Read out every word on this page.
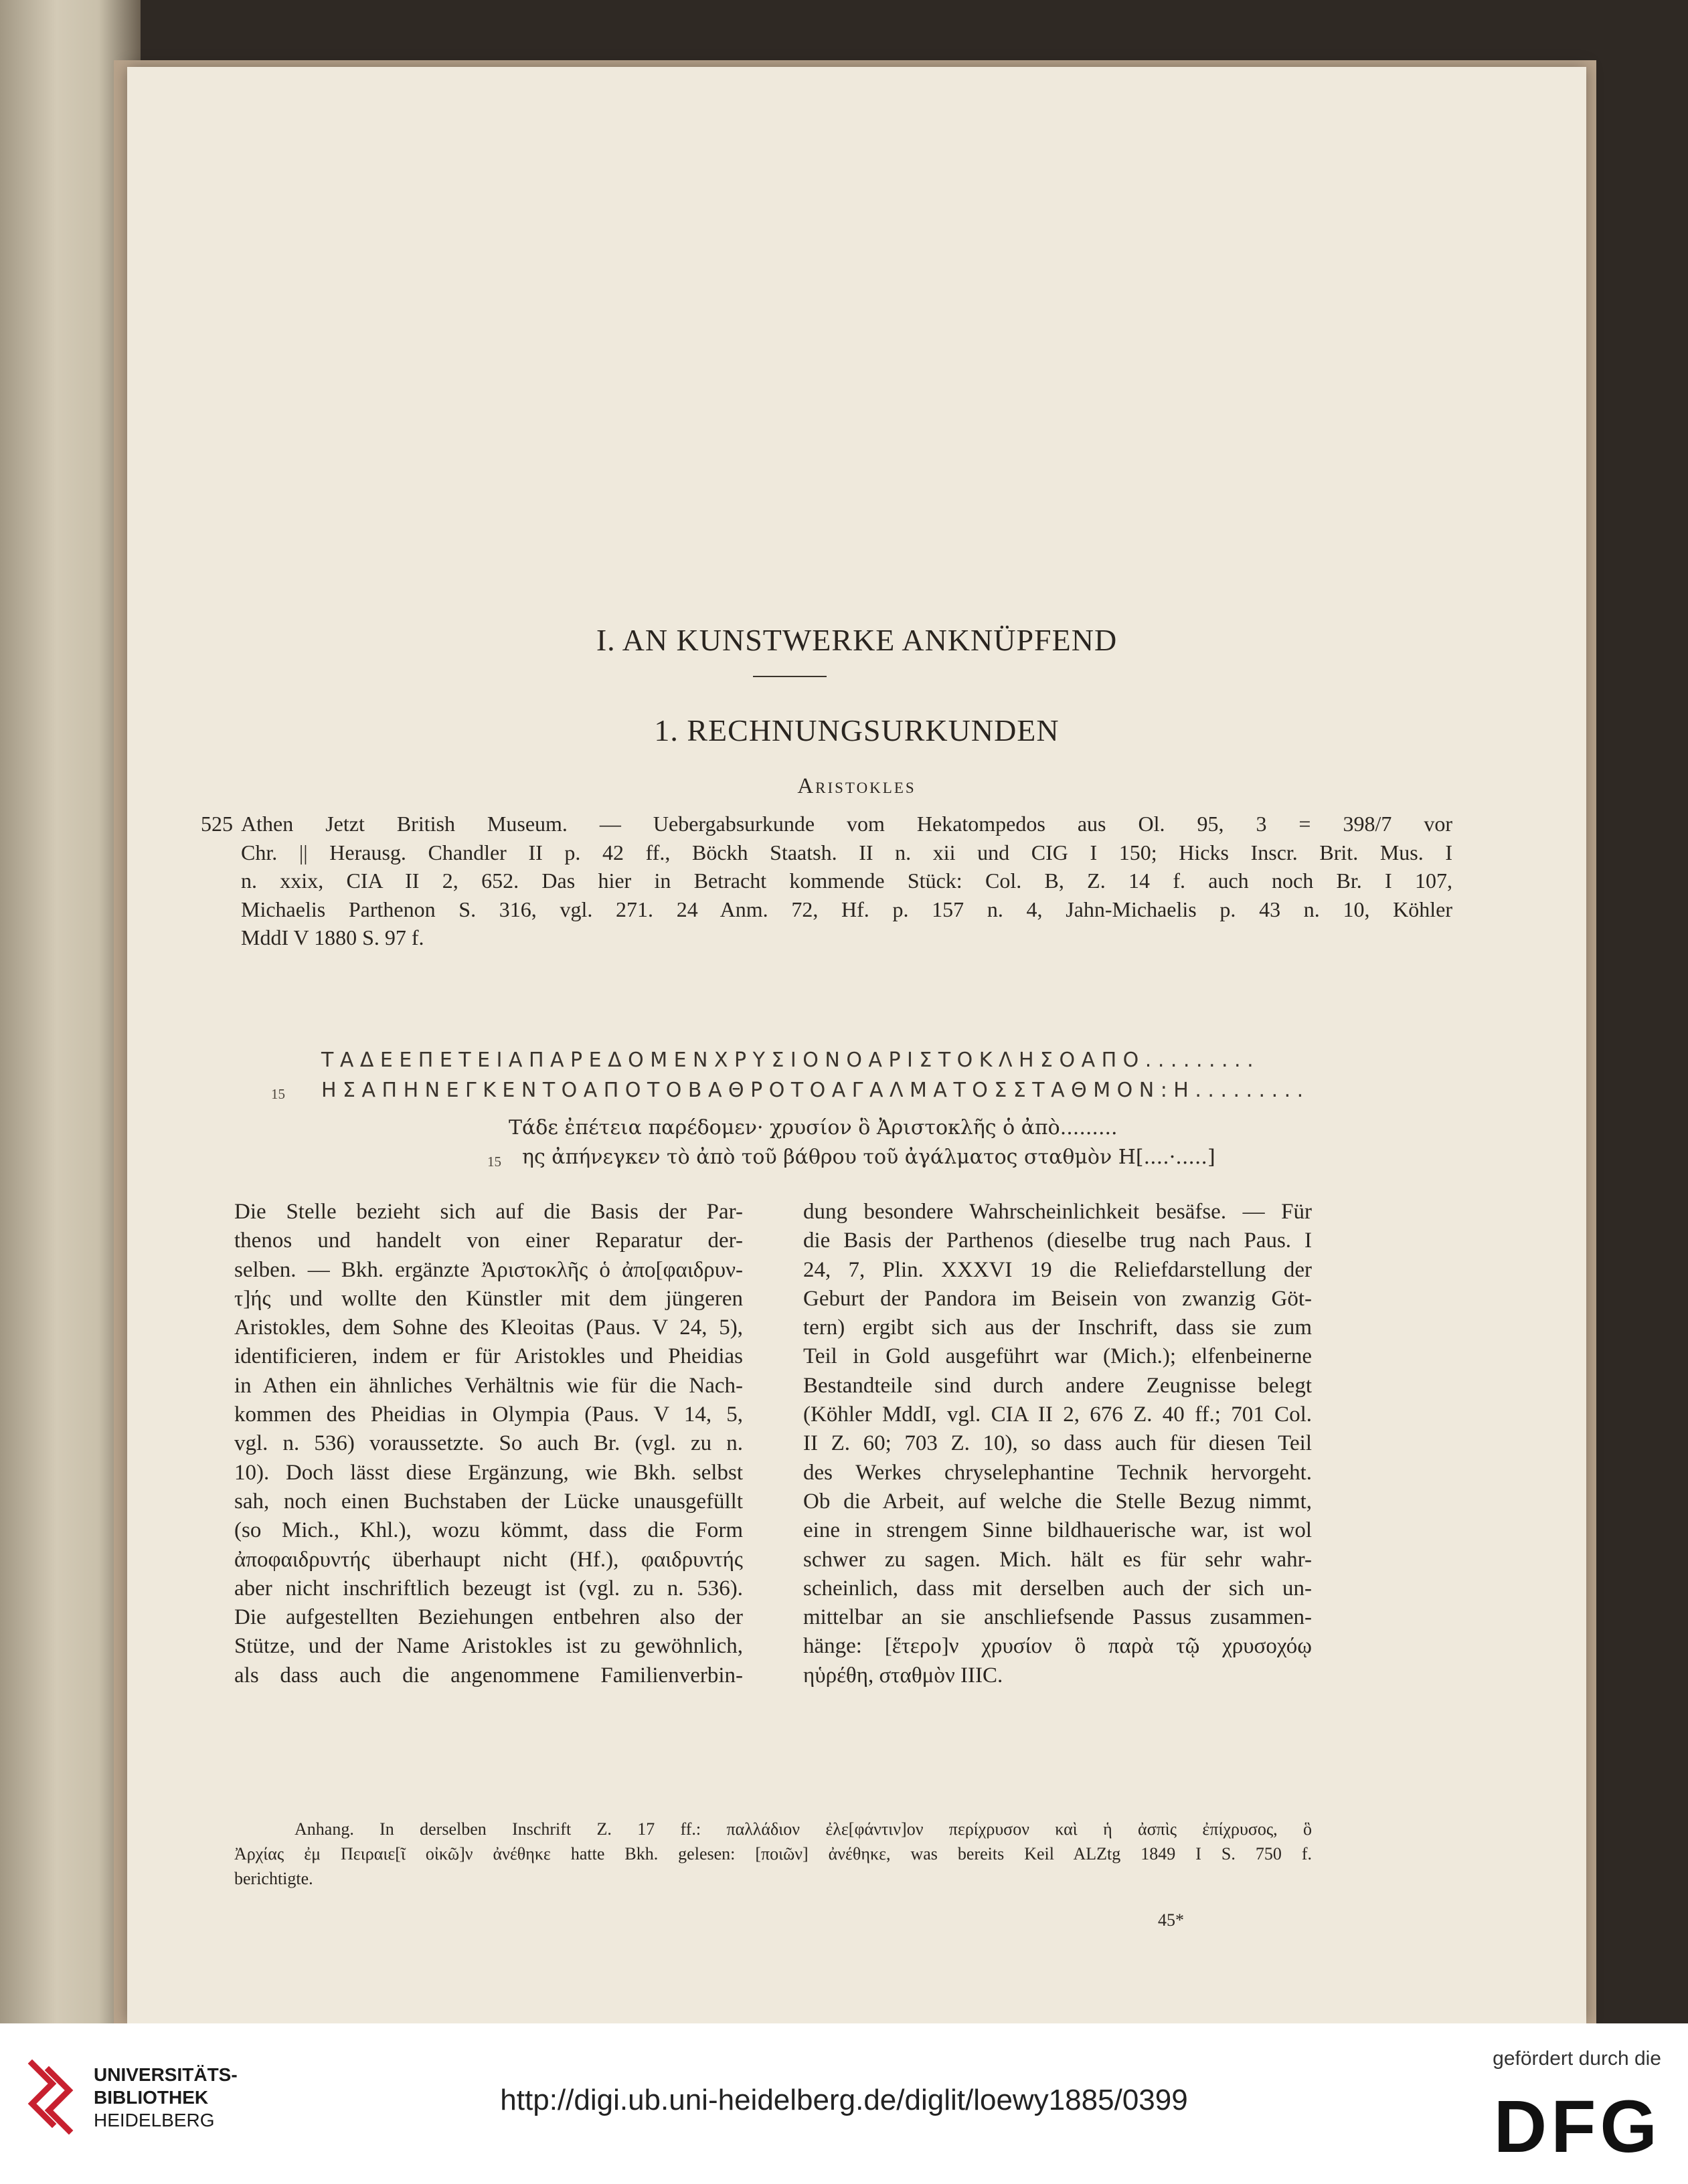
I. AN KUNSTWERKE ANKNÜPFEND
1. RECHNUNGSURKUNDEN
Aristokles
525 Athen Jetzt British Museum. — Uebergabsurkunde vom Hekatompedos aus Ol. 95, 3 = 398/7 vor
Chr. || Herausg. Chandler II p. 42 ff., Böckh Staatsh. II n. xii und CIG I 150; Hicks Inscr. Brit. Mus. I
n. xxix, CIA II 2, 652. Das hier in Betracht kommende Stück: Col. B, Z. 14 f. auch noch Br. I 107,
Michaelis Parthenon S. 316, vgl. 271. 24 Anm. 72, Hf. p. 157 n. 4, Jahn-Michaelis p. 43 n. 10, Köhler
MddI V 1880 S. 97 f.
ΤΑΔΕΕΠΕΤΕΙΑΠΑΡΕΔΟΜΕΝΧΡΥΣΙΟΝΟΑΡΙΣΤΟΚΛΗΣΟΑΠΟ.........
15 ΗΣΑΠΗΝΕΓΚΕΝΤΟΑΠΟΤΟΒΑΘΡΟΤΟΑΓΑΛΜΑΤΟΣΣΤΑΘΜΟΝ:Η.........
Τάδε ἐπέτεια παρέδομεν· χρυσίον ὃ Ἀριστοκλῆς ὁ ἀπὸ.........
15 ης ἀπήνεγκεν τὸ ἀπὸ τοῦ βάθρου τοῦ ἀγάλματος σταθμὸν Η[....·.....]
Die Stelle bezieht sich auf die Basis der Par-
thenos und handelt von einer Reparatur der-
selben. — Bkh. ergänzte Ἀριστοκλῆς ὁ ἀπο[φαιδρυν-
τ]ής und wollte den Künstler mit dem jüngeren
Aristokles, dem Sohne des Kleoitas (Paus. V 24, 5),
identificieren, indem er für Aristokles und Pheidias
in Athen ein ähnliches Verhältnis wie für die Nach-
kommen des Pheidias in Olympia (Paus. V 14, 5,
vgl. n. 536) voraussetzte. So auch Br. (vgl. zu n.
10). Doch lässt diese Ergänzung, wie Bkh. selbst
sah, noch einen Buchstaben der Lücke unausgefüllt
(so Mich., Khl.), wozu kömmt, dass die Form
ἀποφαιδρυντής überhaupt nicht (Hf.), φαιδρυντής
aber nicht inschriftlich bezeugt ist (vgl. zu n. 536).
Die aufgestellten Beziehungen entbehren also der
Stütze, und der Name Aristokles ist zu gewöhnlich,
als dass auch die angenommene Familienverbin-
dung besondere Wahrscheinlichkeit besäfse. — Für
die Basis der Parthenos (dieselbe trug nach Paus. I
24, 7, Plin. XXXVI 19 die Reliefdarstellung der
Geburt der Pandora im Beisein von zwanzig Göt-
tern) ergibt sich aus der Inschrift, dass sie zum
Teil in Gold ausgeführt war (Mich.); elfenbeinerne
Bestandteile sind durch andere Zeugnisse belegt
(Köhler MddI, vgl. CIA II 2, 676 Z. 40 ff.; 701 Col.
II Z. 60; 703 Z. 10), so dass auch für diesen Teil
des Werkes chryselephantine Technik hervorgeht.
Ob die Arbeit, auf welche die Stelle Bezug nimmt,
eine in strengem Sinne bildhauerische war, ist wol
schwer zu sagen. Mich. hält es für sehr wahr-
scheinlich, dass mit derselben auch der sich un-
mittelbar an sie anschliefsende Passus zusammen-
hänge: [ἕτερο]ν χρυσίον ὃ παρὰ τῷ χρυσοχόῳ
ηὑρέθη, σταθμὸν ΙΙΙC.
Anhang. In derselben Inschrift Z. 17 ff.: παλλάδιον ἐλε[φάντιν]ον περίχρυσον καὶ ἡ ἀσπὶς ἐπίχρυσος, ὃ
Ἀρχίας ἐμ Πειραιε[ῖ οἰκῶ]ν ἀνέθηκε hatte Bkh. gelesen: [ποιῶν] ἀνέθηκε, was bereits Keil ALZtg 1849 I S. 750 f.
berichtigte.
45*
UNIVERSITÄTS-
BIBLIOTHEK
HEIDELBERG
http://digi.ub.uni-heidelberg.de/diglit/loewy1885/0399
gefördert durch die
DFG
